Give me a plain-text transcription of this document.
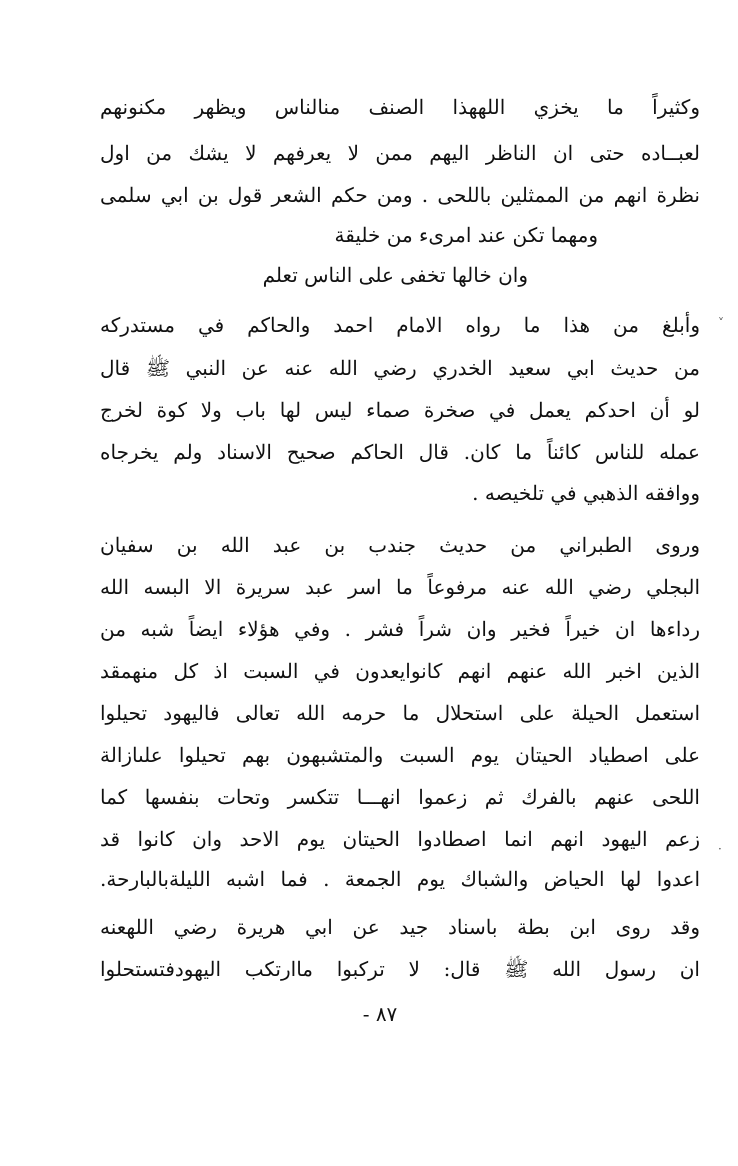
وكثيراً ما يخزي اللههذا الصنف منالناس ويظهر مكنونهم
لعبــاده حتى ان الناظر اليهم ممن لا يعرفهم لا يشك من اول
نظرة انهم من الممثلين باللحى . ومن حكم الشعر قول بن ابي سلمى
وأبلغ من هذا ما رواه الامام احمد والحاكم في مستدركه
من حديث ابي سعيد الخدري رضي الله عنه عن النبي ﷺ قال
لو أن احدكم يعمل في صخرة صماء ليس لها باب ولا كوة لخرج
عمله للناس كائناً ما كان. قال الحاكم صحيح الاسناد ولم يخرجاه
ووافقه الذهبي في تلخيصه .
وروى الطبراني من حديث جندب بن عبد الله بن سفيان
البجلي رضي الله عنه مرفوعاً ما اسر عبد سريرة الا البسه الله
رداءها ان خيراً فخير وان شراً فشر . وفي هؤلاء ايضاً شبه من
الذين اخبر الله عنهم انهم كانوايعدون في السبت اذ كل منهمقد
استعمل الحيلة على استحلال ما حرمه الله تعالى فاليهود تحيلوا
على اصطياد الحيتان يوم السبت والمتشبهون بهم تحيلوا علىازالة
اللحى عنهم بالفرك ثم زعموا انهـــا تتكسر وتحات بنفسها كما
زعم اليهود انهم انما اصطادوا الحيتان يوم الاحد وان كانوا قد
اعدوا لها الحياض والشباك يوم الجمعة . فما اشبه الليلةبالبارحة.
وقد روى ابن بطة باسناد جيد عن ابي هريرة رضي اللهعنه
ان رسول الله ﷺ قال: لا تركبوا ماارتكب اليهودفتستحلوا
ومهما تكن عند امرىء من خليقة
وان خالها تخفى على الناس تعلم
٨٧ -
˅
·
